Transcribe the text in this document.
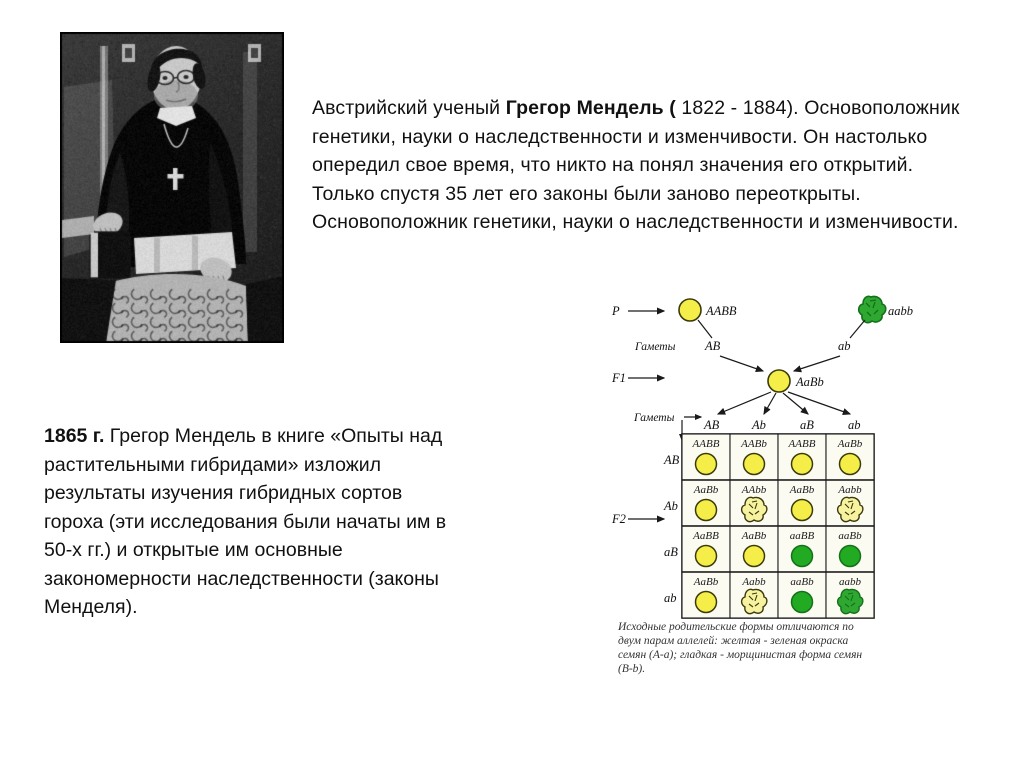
Австрийский ученый Грегор Мендель ( 1822 - 1884). Основоположник генетики, науки о наследственности и изменчивости. Он настолько опередил свое время, что никто на понял значения его открытий. Только спустя 35 лет его законы были заново переоткрыты. Основоположник генетики, науки о наследственности и изменчивости.
1865 г. Грегор Мендель в книге «Опыты над растительными гибридами» изложил результаты изучения гибридных сортов гороха (эти исследования были начаты им в 50-х гг.) и открытые им основные закономерности наследственности (законы Менделя).
P	AABB	aabb
Гаметы AB	ab
F1	AaBb
Гаметы AB	Ab	aB	ab
F2
AB
Ab
aB
ab
AABB AABb AABB AaBb
AaBb AAbb AaBb Aabb
AaBB AaBb aaBB aaBb
AaBb Aabb aaBb aabb
Исходные родительские формы отличаются по
двум парам аллелей: желтая - зеленая окраска
семян (А-а); гладкая - морщинистая форма семян
(B-b).
